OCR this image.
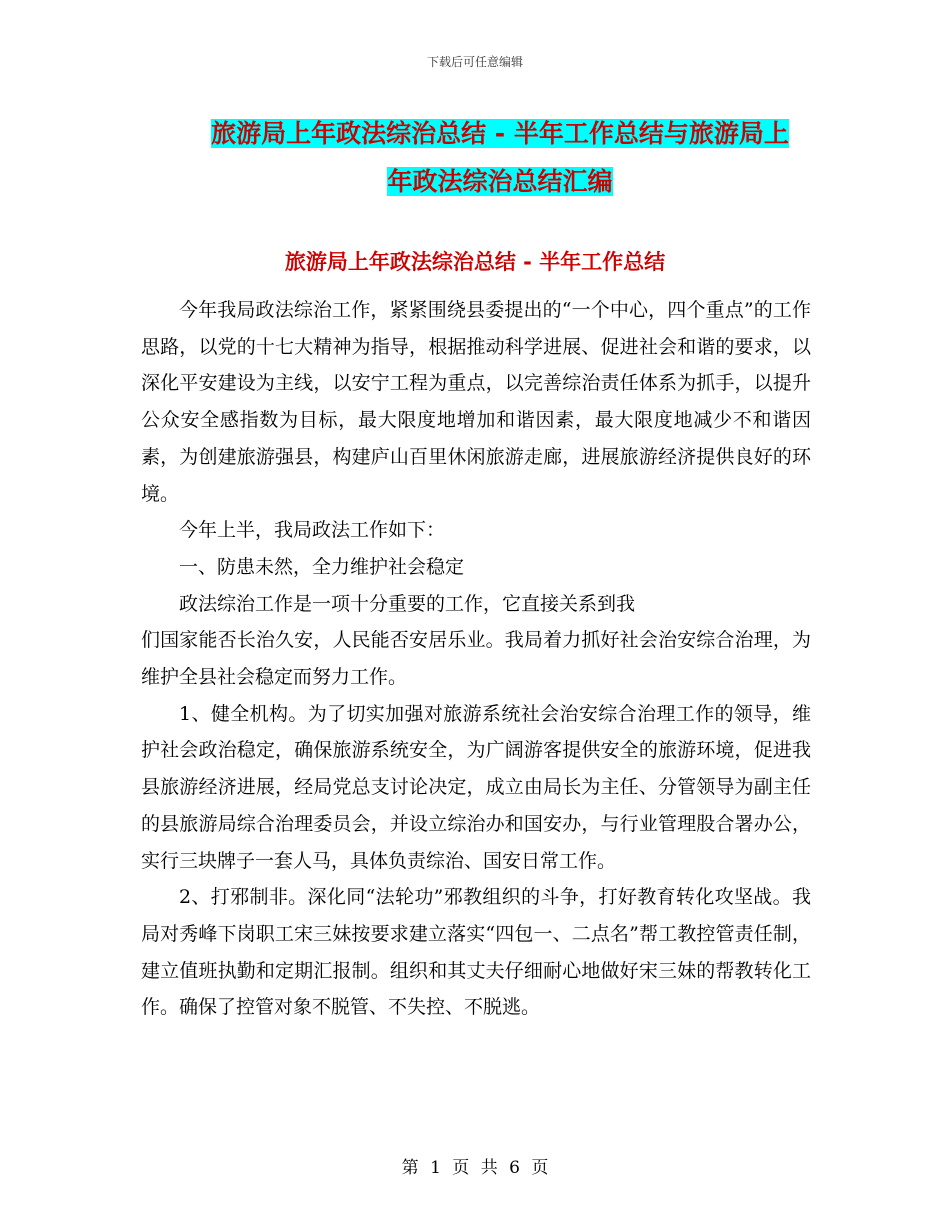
下载后可任意编辑
旅游局上年政法综治总结 - 半年工作总结与旅游局上
年政法综治总结汇编
旅游局上年政法综治总结 - 半年工作总结

今年我局政法综治工作，紧紧围绕县委提出的“一个中心，四个重点”的工作思路，以党的十七大精神为指导，根据推动科学进展、促进社会和谐的要求，以深化平安建设为主线，以安宁工程为重点，以完善综治责任体系为抓手，以提升公众安全感指数为目标，最大限度地增加和谐因素，最大限度地减少不和谐因素，为创建旅游强县，构建庐山百里休闲旅游走廊，进展旅游经济提供良好的环境。

今年上半，我局政法工作如下：

一、防患未然，全力维护社会稳定

政法综治工作是一项十分重要的工作，它直接关系到我

们国家能否长治久安，人民能否安居乐业。我局着力抓好社会治安综合治理，为维护全县社会稳定而努力工作。

1、健全机构。为了切实加强对旅游系统社会治安综合治理工作的领导，维护社会政治稳定，确保旅游系统安全，为广阔游客提供安全的旅游环境，促进我县旅游经济进展，经局党总支讨论决定，成立由局长为主任、分管领导为副主任的县旅游局综合治理委员会，并设立综治办和国安办，与行业管理股合署办公，实行三块牌子一套人马，具体负责综治、国安日常工作。

2、打邪制非。深化同“法轮功”邪教组织的斗争，打好教育转化攻坚战。我局对秀峰下岗职工宋三妹按要求建立落实“四包一、二点名”帮工教控管责任制，建立值班执勤和定期汇报制。组织和其丈夫仔细耐心地做好宋三妹的帮教转化工作。确保了控管对象不脱管、不失控、不脱逃。

第 1 页 共 6 页
